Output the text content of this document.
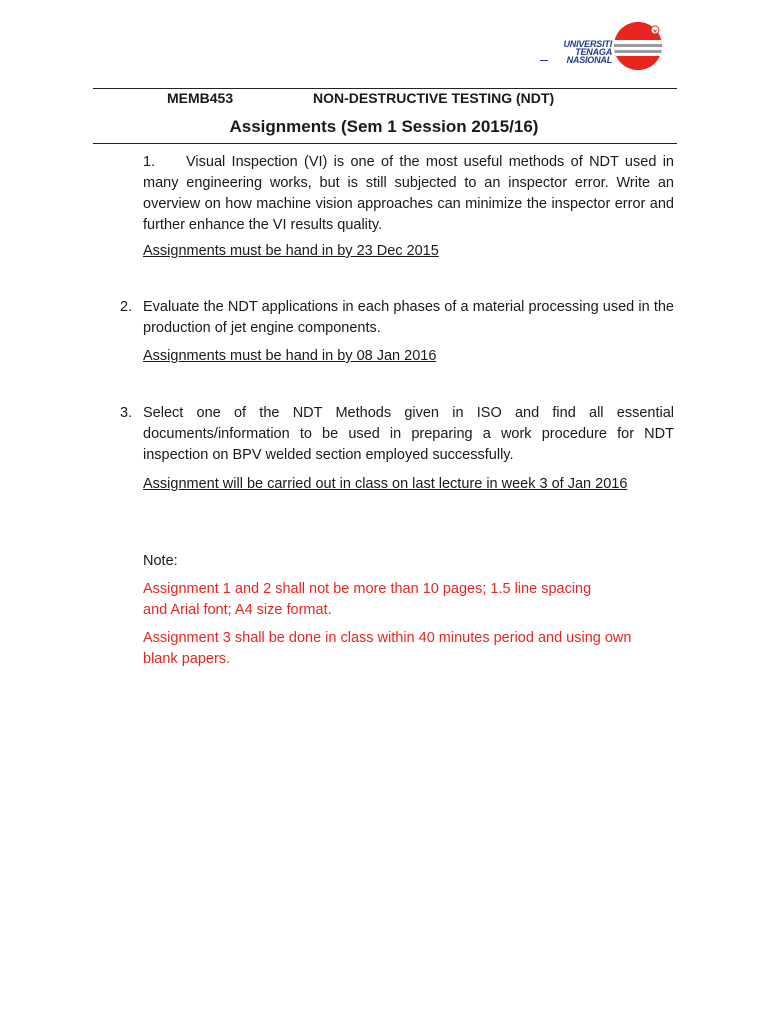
UNIVERSITI
TENAGA
NASIONAL
MEMB453	NON-DESTRUCTIVE TESTING (NDT)
Assignments (Sem 1 Session 2015/16)
1. Visual Inspection (VI) is one of the most useful methods of NDT used in many engineering works, but is still subjected to an inspector error. Write an overview on how machine vision approaches can minimize the inspector error and further enhance the VI results quality.
Assignments must be hand in by 23 Dec 2015
2. Evaluate the NDT applications in each phases of a material processing used in the production of jet engine components.
Assignments must be hand in by 08 Jan 2016
3. Select one of the NDT Methods given in ISO and find all essential documents/information to be used in preparing a work procedure for NDT inspection on BPV welded section employed successfully.
Assignment will be carried out in class on last lecture in week 3 of Jan 2016
Note:
Assignment 1 and 2 shall not be more than 10 pages; 1.5 line spacing and Arial font; A4 size format.
Assignment 3 shall be done in class within 40 minutes period and using own blank papers.
